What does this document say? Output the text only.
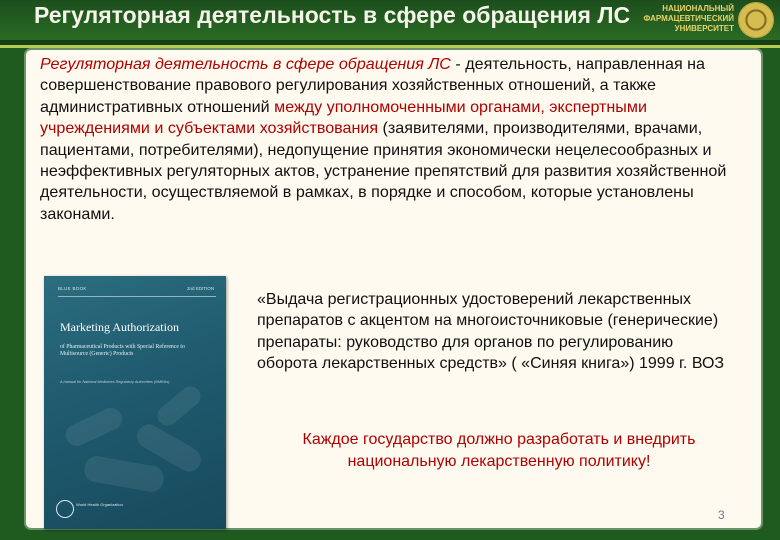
Регуляторная деятельность в сфере обращения ЛС	НАЦИОНАЛЬНЫЙ ФАРМАЦЕВТИЧЕСКИЙ
УНИВЕРСИТЕТ

Регуляторная деятельность в сфере обращения ЛС - деятельность, направленная на совершенствование правового регулирования хозяйственных отношений, а также административных отношений между уполномоченными органами, экспертными учреждениями и субъектами хозяйствования (заявителями, производителями, врачами, пациентами, потребителями), недопущение принятия экономически нецелесообразных и неэффективных регуляторных актов, устранение препятствий для развития хозяйственной деятельности, осуществляемой в рамках, в порядке и способом, которые установлены законами.

BLUE BOOK	2nd EDITION
Marketing Authorization
of Pharmaceutical Products with Special Reference to Multisource (Generic) Products
A manual for National Medicines Regulatory Authorities (NMRAs)
World Health Organization

«Выдача регистрационных удостоверений лекарственных препаратов с акцентом на многоисточниковые (генерические) препараты: руководство для органов по регулированию оборота лекарственных средств» ( «Синяя книга») 1999 г. ВОЗ

Каждое государство должно разработать и внедрить национальную лекарственную политику!

3
